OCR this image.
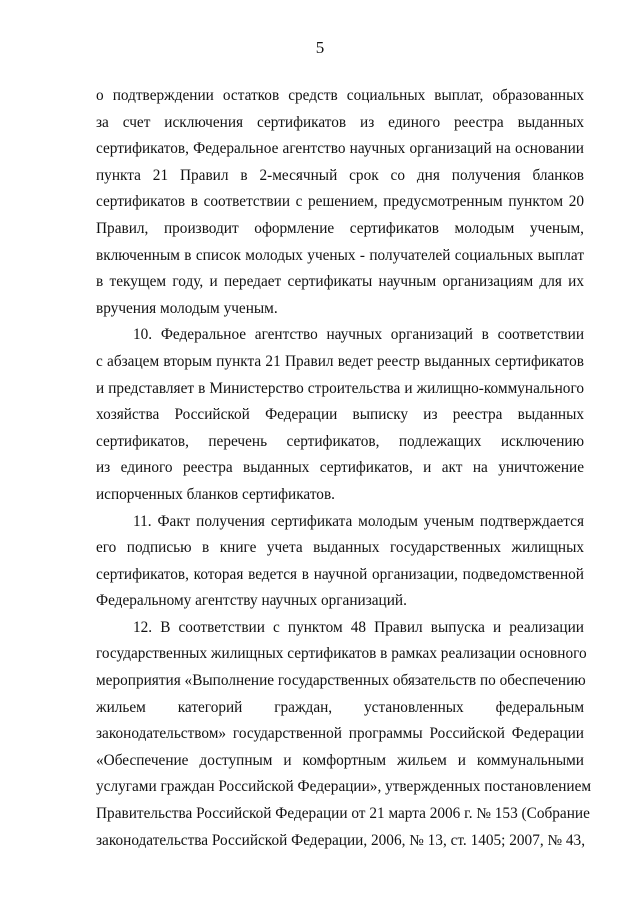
5

о подтверждении остатков средств социальных выплат, образованных
за счет исключения сертификатов из единого реестра выданных
сертификатов, Федеральное агентство научных организаций на основании
пункта 21 Правил в 2-месячный срок со дня получения бланков
сертификатов в соответствии с решением, предусмотренным пунктом 20
Правил, производит оформление сертификатов молодым ученым,
включенным в список молодых ученых - получателей социальных выплат
в текущем году, и передает сертификаты научным организациям для их
вручения молодым ученым.

10. Федеральное агентство научных организаций в соответствии
с абзацем вторым пункта 21 Правил ведет реестр выданных сертификатов
и представляет в Министерство строительства и жилищно-коммунального
хозяйства Российской Федерации выписку из реестра выданных
сертификатов, перечень сертификатов, подлежащих исключению
из единого реестра выданных сертификатов, и акт на уничтожение
испорченных бланков сертификатов.

11. Факт получения сертификата молодым ученым подтверждается
его подписью в книге учета выданных государственных жилищных
сертификатов, которая ведется в научной организации, подведомственной
Федеральному агентству научных организаций.

12. В соответствии с пунктом 48 Правил выпуска и реализации
государственных жилищных сертификатов в рамках реализации основного
мероприятия «Выполнение государственных обязательств по обеспечению
жильем категорий граждан, установленных федеральным
законодательством» государственной программы Российской Федерации
«Обеспечение доступным и комфортным жильем и коммунальными
услугами граждан Российской Федерации», утвержденных постановлением
Правительства Российской Федерации от 21 марта 2006 г. № 153 (Собрание
законодательства Российской Федерации, 2006, № 13, ст. 1405; 2007, № 43,
